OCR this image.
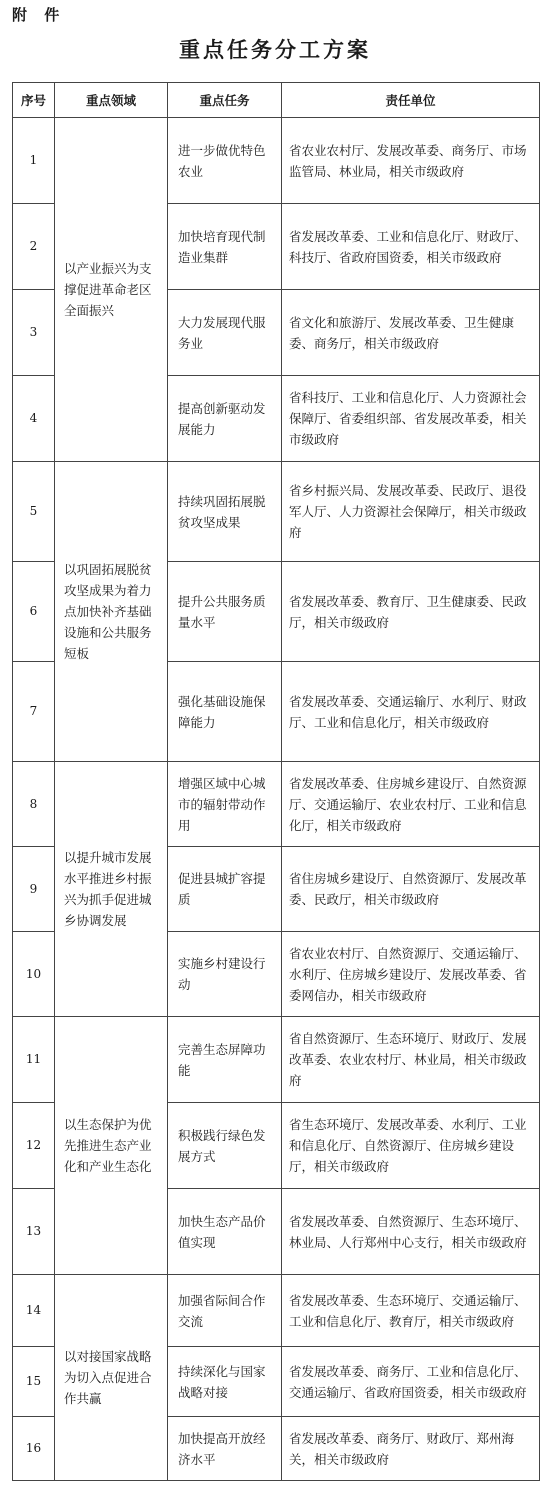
附 件
重点任务分工方案
序号	重点领域	重点任务	责任单位
1	以产业振兴为支撑促进革命老区全面振兴	进一步做优特色农业	省农业农村厅、发展改革委、商务厅、市场监管局、林业局，相关市级政府
2		加快培育现代制造业集群	省发展改革委、工业和信息化厅、财政厅、科技厅、省政府国资委，相关市级政府
3		大力发展现代服务业	省文化和旅游厅、发展改革委、卫生健康委、商务厅，相关市级政府
4		提高创新驱动发展能力	省科技厅、工业和信息化厅、人力资源社会保障厅、省委组织部、省发展改革委，相关市级政府
5	以巩固拓展脱贫攻坚成果为着力点加快补齐基础设施和公共服务短板	持续巩固拓展脱贫攻坚成果	省乡村振兴局、发展改革委、民政厅、退役军人厅、人力资源社会保障厅，相关市级政府
6		提升公共服务质量水平	省发展改革委、教育厅、卫生健康委、民政厅，相关市级政府
7		强化基础设施保障能力	省发展改革委、交通运输厅、水利厅、财政厅、工业和信息化厅，相关市级政府
8	以提升城市发展水平推进乡村振兴为抓手促进城乡协调发展	增强区域中心城市的辐射带动作用	省发展改革委、住房城乡建设厅、自然资源厅、交通运输厅、农业农村厅、工业和信息化厅，相关市级政府
9		促进县城扩容提质	省住房城乡建设厅、自然资源厅、发展改革委、民政厅，相关市级政府
10		实施乡村建设行动	省农业农村厅、自然资源厅、交通运输厅、水利厅、住房城乡建设厅、发展改革委、省委网信办，相关市级政府
11	以生态保护为优先推进生态产业化和产业生态化	完善生态屏障功能	省自然资源厅、生态环境厅、财政厅、发展改革委、农业农村厅、林业局，相关市级政府
12		积极践行绿色发展方式	省生态环境厅、发展改革委、水利厅、工业和信息化厅、自然资源厅、住房城乡建设厅，相关市级政府
13		加快生态产品价值实现	省发展改革委、自然资源厅、生态环境厅、林业局、人行郑州中心支行，相关市级政府
14	以对接国家战略为切入点促进合作共赢	加强省际间合作交流	省发展改革委、生态环境厅、交通运输厅、工业和信息化厅、教育厅，相关市级政府
15		持续深化与国家战略对接	省发展改革委、商务厅、工业和信息化厅、交通运输厅、省政府国资委，相关市级政府
16		加快提高开放经济水平	省发展改革委、商务厅、财政厅、郑州海关，相关市级政府
